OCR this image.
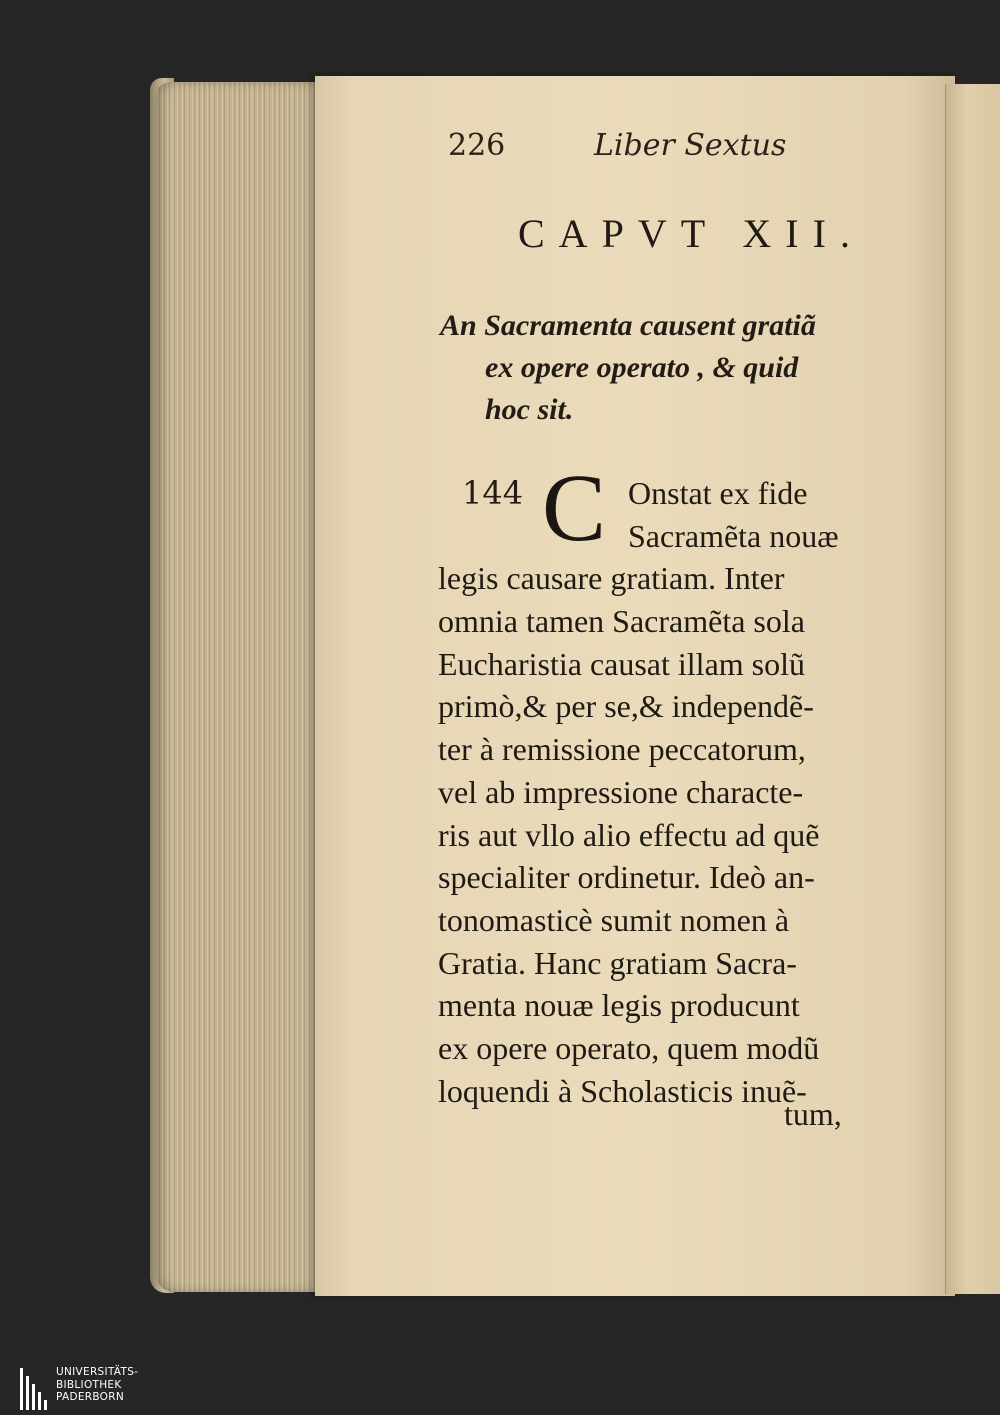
226	Liber Sextus
CAPVT XII.
An Sacramenta causent gratiã
ex opere operato , & quid
hoc sit.
144 C Onstat ex fide
Sacramẽta nouæ
legis causare gratiam. Inter
omnia tamen Sacramẽta sola
Eucharistia causat illam solũ
primò,& per se,& independẽ-
ter à remissione peccatorum,
vel ab impressione characte-
ris aut vllo alio effectu ad quẽ
specialiter ordinetur. Ideò an-
tonomasticè sumit nomen à
Gratia. Hanc gratiam Sacra-
menta nouæ legis producunt
ex opere operato, quem modũ
loquendi à Scholasticis inuẽ-
tum,
UNIVERSITÄTS-
BIBLIOTHEK
PADERBORN
